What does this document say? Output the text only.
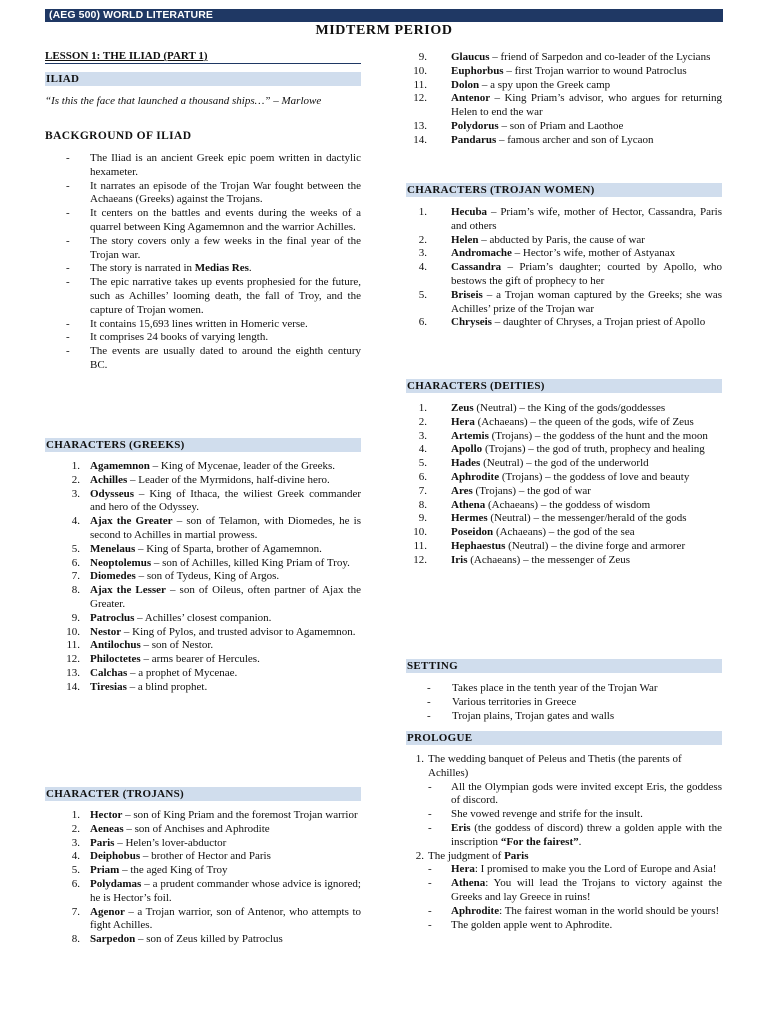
(AEG 500) WORLD LITERATURE
MIDTERM PERIOD
LESSON 1: THE ILIAD (PART 1)
ILIAD
“Is this the face that launched a thousand ships…” – Marlowe
BACKGROUND OF ILIAD
- The Iliad is an ancient Greek epic poem written in dactylic hexameter.
- It narrates an episode of the Trojan War fought between the Achaeans (Greeks) against the Trojans.
- It centers on the battles and events during the weeks of a quarrel between King Agamemnon and the warrior Achilles.
- The story covers only a few weeks in the final year of the Trojan war.
- The story is narrated in Medias Res.
- The epic narrative takes up events prophesied for the future, such as Achilles’ looming death, the fall of Troy, and the capture of Trojan women.
- It contains 15,693 lines written in Homeric verse.
- It comprises 24 books of varying length.
- The events are usually dated to around the eighth century BC.
CHARACTERS (GREEKS)
1. Agamemnon – King of Mycenae, leader of the Greeks.
2. Achilles – Leader of the Myrmidons, half-divine hero.
3. Odysseus – King of Ithaca, the wiliest Greek commander and hero of the Odyssey.
4. Ajax the Greater – son of Telamon, with Diomedes, he is second to Achilles in martial prowess.
5. Menelaus – King of Sparta, brother of Agamemnon.
6. Neoptolemus – son of Achilles, killed King Priam of Troy.
7. Diomedes – son of Tydeus, King of Argos.
8. Ajax the Lesser – son of Oileus, often partner of Ajax the Greater.
9. Patroclus – Achilles’ closest companion.
10. Nestor – King of Pylos, and trusted advisor to Agamemnon.
11. Antilochus – son of Nestor.
12. Philoctetes – arms bearer of Hercules.
13. Calchas – a prophet of Mycenae.
14. Tiresias – a blind prophet.
CHARACTER (TROJANS)
1. Hector – son of King Priam and the foremost Trojan warrior
2. Aeneas – son of Anchises and Aphrodite
3. Paris – Helen’s lover-abductor
4. Deiphobus – brother of Hector and Paris
5. Priam – the aged King of Troy
6. Polydamas – a prudent commander whose advice is ignored; he is Hector’s foil.
7. Agenor – a Trojan warrior, son of Antenor, who attempts to fight Achilles.
8. Sarpedon – son of Zeus killed by Patroclus
9. Glaucus – friend of Sarpedon and co-leader of the Lycians
10. Euphorbus – first Trojan warrior to wound Patroclus
11. Dolon – a spy upon the Greek camp
12. Antenor – King Priam’s advisor, who argues for returning Helen to end the war
13. Polydorus – son of Priam and Laothoe
14. Pandarus – famous archer and son of Lycaon
CHARACTERS (TROJAN WOMEN)
1. Hecuba – Priam’s wife, mother of Hector, Cassandra, Paris and others
2. Helen – abducted by Paris, the cause of war
3. Andromache – Hector’s wife, mother of Astyanax
4. Cassandra – Priam’s daughter; courted by Apollo, who bestows the gift of prophecy to her
5. Briseis – a Trojan woman captured by the Greeks; she was Achilles’ prize of the Trojan war
6. Chryseis – daughter of Chryses, a Trojan priest of Apollo
CHARACTERS (DEITIES)
1. Zeus (Neutral) – the King of the gods/goddesses
2. Hera (Achaeans) – the queen of the gods, wife of Zeus
3. Artemis (Trojans) – the goddess of the hunt and the moon
4. Apollo (Trojans) – the god of truth, prophecy and healing
5. Hades (Neutral) – the god of the underworld
6. Aphrodite (Trojans) – the goddess of love and beauty
7. Ares (Trojans) – the god of war
8. Athena (Achaeans) – the goddess of wisdom
9. Hermes (Neutral) – the messenger/herald of the gods
10. Poseidon (Achaeans) – the god of the sea
11. Hephaestus (Neutral) – the divine forge and armorer
12. Iris (Achaeans) – the messenger of Zeus
SETTING
- Takes place in the tenth year of the Trojan War
- Various territories in Greece
- Trojan plains, Trojan gates and walls
PROLOGUE
1. The wedding banquet of Peleus and Thetis (the parents of Achilles)
- All the Olympian gods were invited except Eris, the goddess of discord.
- She vowed revenge and strife for the insult.
- Eris (the goddess of discord) threw a golden apple with the inscription “For the fairest”.
2. The judgment of Paris
- Hera: I promised to make you the Lord of Europe and Asia!
- Athena: You will lead the Trojans to victory against the Greeks and lay Greece in ruins!
- Aphrodite: The fairest woman in the world should be yours!
- The golden apple went to Aphrodite.
